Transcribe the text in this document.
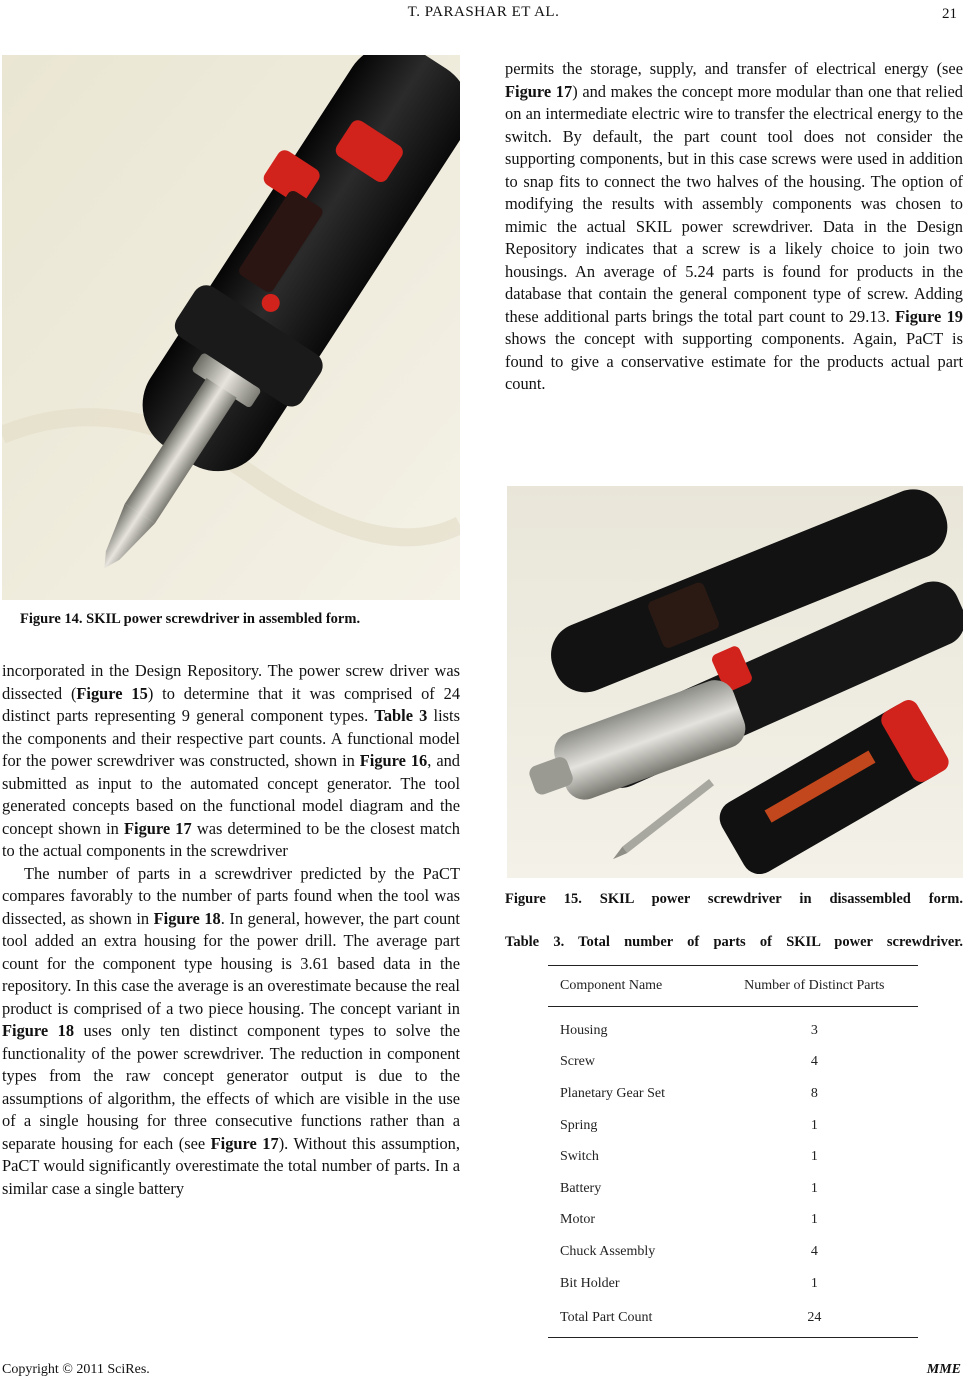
T. PARASHAR ET AL.	21
Figure 14. SKIL power screwdriver in assembled form.

incorporated in the Design Repository. The power screw driver was dissected (Figure 15) to determine that it was comprised of 24 distinct parts representing 9 general component types. Table 3 lists the components and their respective part counts. A functional model for the power screwdriver was constructed, shown in Figure 16, and submitted as input to the automated concept generator. The tool generated concepts based on the functional model diagram and the concept shown in Figure 17 was determined to be the closest match to the actual components in the screwdriver

The number of parts in a screwdriver predicted by the PaCT compares favorably to the number of parts found when the tool was dissected, as shown in Figure 18. In general, however, the part count tool added an extra housing for the power drill. The average part count for the component type housing is 3.61 based data in the repository. In this case the average is an overestimate because the real product is comprised of a two piece housing. The concept variant in Figure 18 uses only ten distinct component types to solve the functionality of the power screwdriver. The reduction in component types from the raw concept generator output is due to the assumptions of algorithm, the effects of which are visible in the use of a single housing for three consecutive functions rather than a separate housing for each (see Figure 17). Without this assumption, PaCT would significantly overestimate the total number of parts. In a similar case a single battery

permits the storage, supply, and transfer of electrical energy (see Figure 17) and makes the concept more modular than one that relied on an intermediate electric wire to transfer the electrical energy to the switch. By default, the part count tool does not consider the supporting components, but in this case screws were used in addition to snap fits to connect the two halves of the housing. The option of modifying the results with assembly components was chosen to mimic the actual SKIL power screwdriver. Data in the Design Repository indicates that a screw is a likely choice to join two housings. An average of 5.24 parts is found for products in the database that contain the general component type of screw. Adding these additional parts brings the total part count to 29.13. Figure 19 shows the concept with supporting components. Again, PaCT is found to give a conservative estimate for the products actual part count.

Figure 15. SKIL power screwdriver in disassembled form.
Table 3. Total number of parts of SKIL power screwdriver.
Component Name	Number of Distinct Parts
Housing	3
Screw	4
Planetary Gear Set	8
Spring	1
Switch	1
Battery	1
Motor	1
Chuck Assembly	4
Bit Holder	1
Total Part Count	24
Copyright © 2011 SciRes.	MME
